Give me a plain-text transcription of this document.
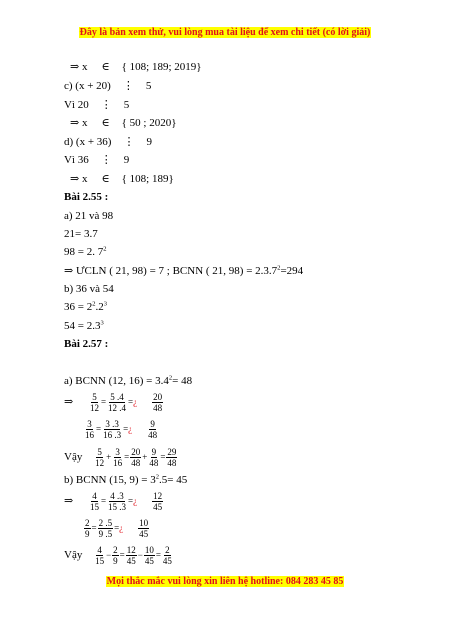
Đây là bản xem thử, vui lòng mua tài liệu để xem chi tiết (có lời giải)
⇒ x ∈ { 108; 189; 2019}
c) (x + 20) ⋮ 5
Vì 20 ⋮ 5
⇒ x ∈ { 50 ; 2020}
d) (x + 36) ⋮ 9
Vì 36 ⋮ 9
⇒ x ∈ { 108; 189}
Bài 2.55 :
a) 21 và 98
21= 3.7
98 = 2. $7^2$
⇒ ƯCLN ( 21, 98) = 7 ; BCNN ( 21, $98) = 2.3.7^2=294$
b) 36 và 54
$36 = 2^2.2^3$
$54 = 2.3^3$
Bài 2.57 :
a) BCNN (12, $16) = 3.4^2= 48$
⇒ $\frac{5}{12} = \frac{5 .4}{12 .4}$ =¿ $\frac{20}{48}$
$\frac{3}{16} = \frac{3 .3}{16 .3}$ =¿ $\frac{9}{48}$
Vậy $\frac{5}{12} + \frac{3}{16} = \frac{20}{48} + \frac{9}{48} = \frac{29}{48}$
b) BCNN (15, $9) = 3^2.5= 45$
⇒ $\frac{4}{15} = \frac{4 .3}{15 .3}$ =¿ $\frac{12}{45}$
$\frac{2}{9} = \frac{2 .5}{9 .5}$ =¿ $\frac{10}{45}$
Vậy $\frac{4}{15} - \frac{2}{9} = \frac{12}{45} - \frac{10}{45} = \frac{2}{45}$
Mọi thắc mắc vui lòng xin liên hệ hotline: 084 283 45 85
